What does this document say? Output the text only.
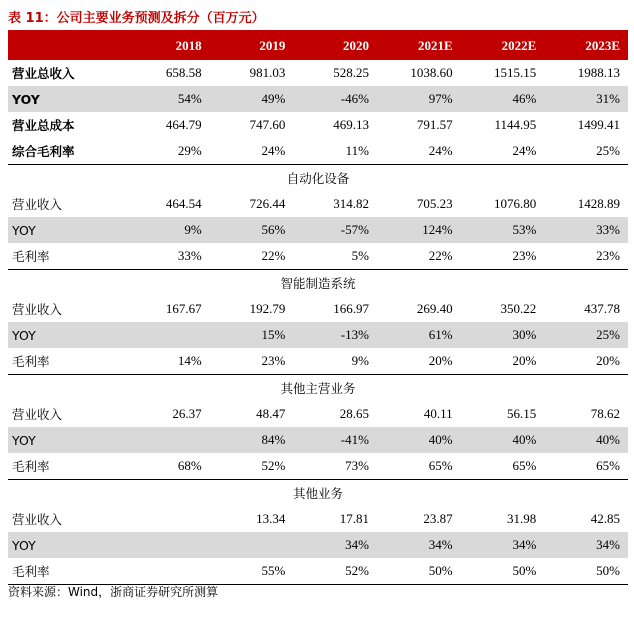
表 11：公司主要业务预测及拆分（百万元）
	2018	2019	2020	2021E	2022E	2023E
营业总收入	658.58	981.03	528.25	1038.60	1515.15	1988.13
YOY	54%	49%	-46%	97%	46%	31%
营业总成本	464.79	747.60	469.13	791.57	1144.95	1499.41
综合毛利率	29%	24%	11%	24%	24%	25%
自动化设备						
营业收入	464.54	726.44	314.82	705.23	1076.80	1428.89
YOY	9%	56%	-57%	124%	53%	33%
毛利率	33%	22%	5%	22%	23%	23%
智能制造系统						
营业收入	167.67	192.79	166.97	269.40	350.22	437.78
YOY		15%	-13%	61%	30%	25%
毛利率	14%	23%	9%	20%	20%	20%
其他主营业务						
营业收入	26.37	48.47	28.65	40.11	56.15	78.62
YOY		84%	-41%	40%	40%	40%
毛利率	68%	52%	73%	65%	65%	65%
其他业务						
营业收入		13.34	17.81	23.87	31.98	42.85
YOY			34%	34%	34%	34%
毛利率		55%	52%	50%	50%	50%
资料来源：Wind，浙商证券研究所测算
